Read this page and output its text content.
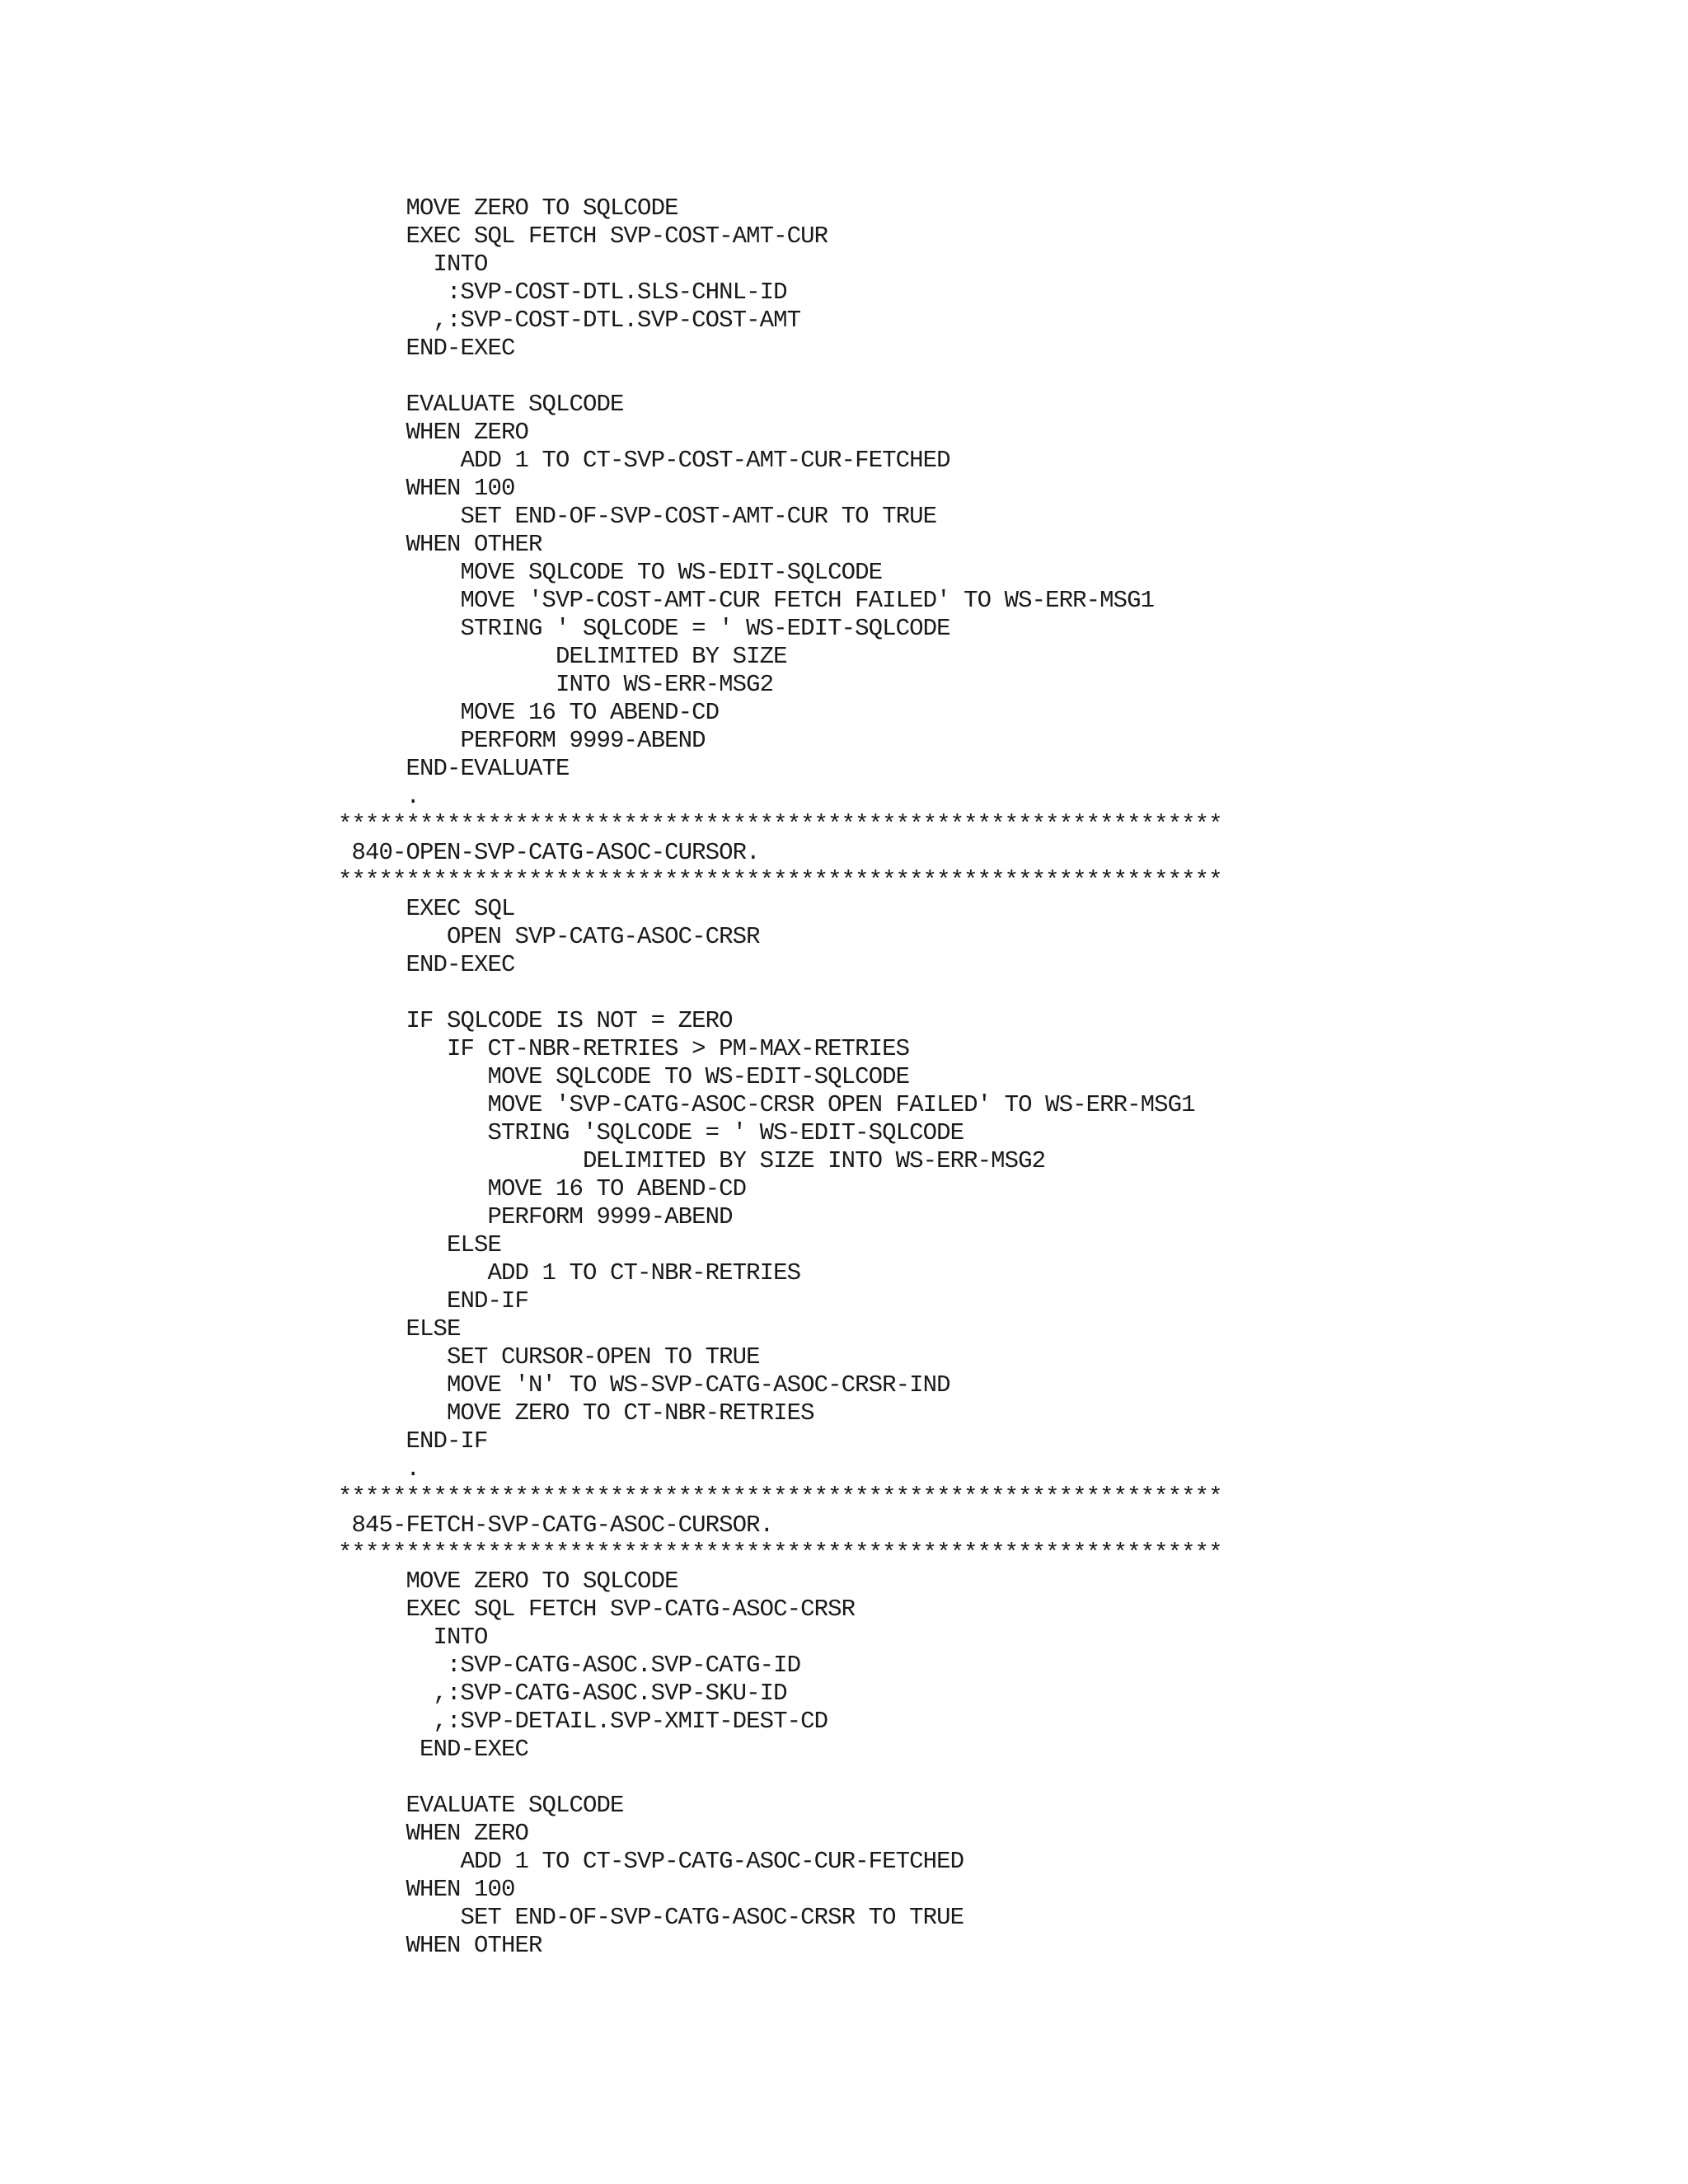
MOVE ZERO TO SQLCODE
EXEC SQL FETCH SVP-COST-AMT-CUR
INTO
:SVP-COST-DTL.SLS-CHNL-ID
,:SVP-COST-DTL.SVP-COST-AMT
END-EXEC
EVALUATE SQLCODE
WHEN ZERO
ADD 1 TO CT-SVP-COST-AMT-CUR-FETCHED
WHEN 100
SET END-OF-SVP-COST-AMT-CUR TO TRUE
WHEN OTHER
MOVE SQLCODE TO WS-EDIT-SQLCODE
MOVE 'SVP-COST-AMT-CUR FETCH FAILED' TO WS-ERR-MSG1
STRING ' SQLCODE = ' WS-EDIT-SQLCODE
DELIMITED BY SIZE
INTO WS-ERR-MSG2
MOVE 16 TO ABEND-CD
PERFORM 9999-ABEND
END-EVALUATE
.
*****************************************************************
840-OPEN-SVP-CATG-ASOC-CURSOR.
*****************************************************************
EXEC SQL
OPEN SVP-CATG-ASOC-CRSR
END-EXEC
IF SQLCODE IS NOT = ZERO
IF CT-NBR-RETRIES > PM-MAX-RETRIES
MOVE SQLCODE TO WS-EDIT-SQLCODE
MOVE 'SVP-CATG-ASOC-CRSR OPEN FAILED' TO WS-ERR-MSG1
STRING 'SQLCODE = ' WS-EDIT-SQLCODE
DELIMITED BY SIZE INTO WS-ERR-MSG2
MOVE 16 TO ABEND-CD
PERFORM 9999-ABEND
ELSE
ADD 1 TO CT-NBR-RETRIES
END-IF
ELSE
SET CURSOR-OPEN TO TRUE
MOVE 'N' TO WS-SVP-CATG-ASOC-CRSR-IND
MOVE ZERO TO CT-NBR-RETRIES
END-IF
.
*****************************************************************
845-FETCH-SVP-CATG-ASOC-CURSOR.
*****************************************************************
MOVE ZERO TO SQLCODE
EXEC SQL FETCH SVP-CATG-ASOC-CRSR
INTO
:SVP-CATG-ASOC.SVP-CATG-ID
,:SVP-CATG-ASOC.SVP-SKU-ID
,:SVP-DETAIL.SVP-XMIT-DEST-CD
END-EXEC
EVALUATE SQLCODE
WHEN ZERO
ADD 1 TO CT-SVP-CATG-ASOC-CUR-FETCHED
WHEN 100
SET END-OF-SVP-CATG-ASOC-CRSR TO TRUE
WHEN OTHER
